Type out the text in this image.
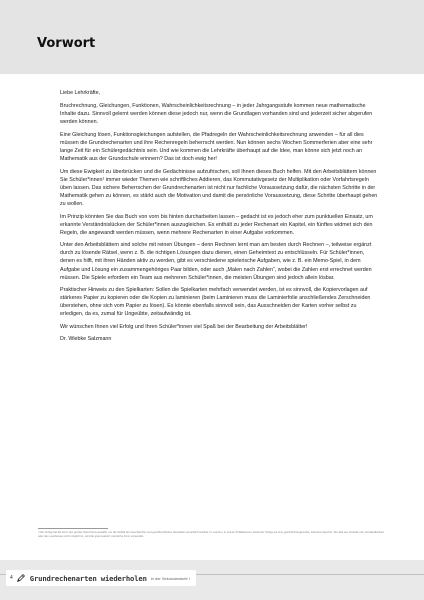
Vorwort

Liebe Lehrkräfte,

Bruchrechnung, Gleichungen, Funktionen, Wahrscheinlichkeitsrechnung – in jeder Jahrgangsstufe kommen neue mathematische Inhalte dazu. Sinnvoll gelernt werden können diese jedoch nur, wenn die Grundlagen vorhanden sind und jederzeit sicher abgerufen werden können.

Eine Gleichung lösen, Funktionsgleichungen aufstellen, die Pfadregeln der Wahrscheinlichkeitsrechnung anwenden – für all dies müssen die Grundrechenarten und ihre Rechenregeln beherrscht werden. Nun können sechs Wochen Sommerferien aber eine sehr lange Zeit für ein Schülergedächtnis sein. Und wie kommen die Lehrkräfte überhaupt auf die Idee, man könne sich jetzt noch an Mathematik aus der Grundschule erinnern? Das ist doch ewig her!

Um diese Ewigkeit zu überbrücken und die Gedächtnisse aufzufrischen, soll Ihnen dieses Buch helfen. Mit den Arbeitsblättern können Sie Schüler*innen¹ immer wieder Themen wie schriftliches Addieren, das Kommutativgesetz der Multiplikation oder Vorfahrtsregeln üben lassen. Das sichere Beherrschen der Grundrechenarten ist nicht nur fachliche Voraussetzung dafür, die nächsten Schritte in der Mathematik gehen zu können, es stärkt auch die Motivation und damit die persönliche Voraussetzung, diese Schritte überhaupt gehen zu wollen.

Im Prinzip könnten Sie das Buch von vorn bis hinten durcharbeiten lassen – gedacht ist es jedoch eher zum punktuellen Einsatz, um erkannte Verständnislücken der Schüler*innen auszugleichen. Es enthält zu jeder Rechenart ein Kapitel, ein fünftes widmet sich den Regeln, die angewandt werden müssen, wenn mehrere Rechenarten in einer Aufgabe vorkommen.

Unter den Arbeitsblättern sind solche mit reinen Übungen – denn Rechnen lernt man am besten durch Rechnen –, teilweise ergänzt durch zu lösende Rätsel, wenn z. B. die richtigen Lösungen dazu dienen, einen Geheimtext zu entschlüsseln. Für Schüler*innen, denen es hilft, mit ihren Händen aktiv zu werden, gibt es verschiedene spielerische Aufgaben, wie z. B. ein Memo-Spiel, in dem Aufgabe und Lösung ein zusammengehöriges Paar bilden, oder auch „Malen nach Zahlen“, wobei die Zahlen erst errechnet werden müssen. Die Spiele erfordern ein Team aus mehreren Schüler*innen, die meisten Übungen sind jedoch allein lösbar.

Praktischer Hinweis zu den Spielkarten: Sollen die Spielkarten mehrfach verwendet werden, ist es sinnvoll, die Kopiervorlagen auf stärkeres Papier zu kopieren oder die Kopien zu laminieren (beim Laminieren muss die Laminierfolie anschließendes Zerschneiden überstehen, ohne sich vom Papier zu lösen). Es könnte ebenfalls sinnvoll sein, das Ausschneiden der Karten vorher selbst zu erledigen, da es, zumal für Ungeübte, zeitaufwändig ist.

Wir wünschen Ihnen viel Erfolg und Ihren Schüler*innen viel Spaß bei der Bearbeitung der Arbeitsblätter!

Dr. Wiebke Salzmann

¹ Der Verlag hat die Form des gender-Sternchens gewählt, um die Vielfalt der Geschlechter und geschlechtlichen Identitäten sprachlich sichtbar zu machen. In seinen Publikationen achtet der Verlag auf eine geschlechtergerechte, inklusive Sprache. Wo dies aus Gründen der Verständlichkeit oder des Leseflusses nicht möglich ist, wird die grammatisch männliche Form verwendet.
4 Grundrechenarten wiederholen in der Sekundarstufe I
